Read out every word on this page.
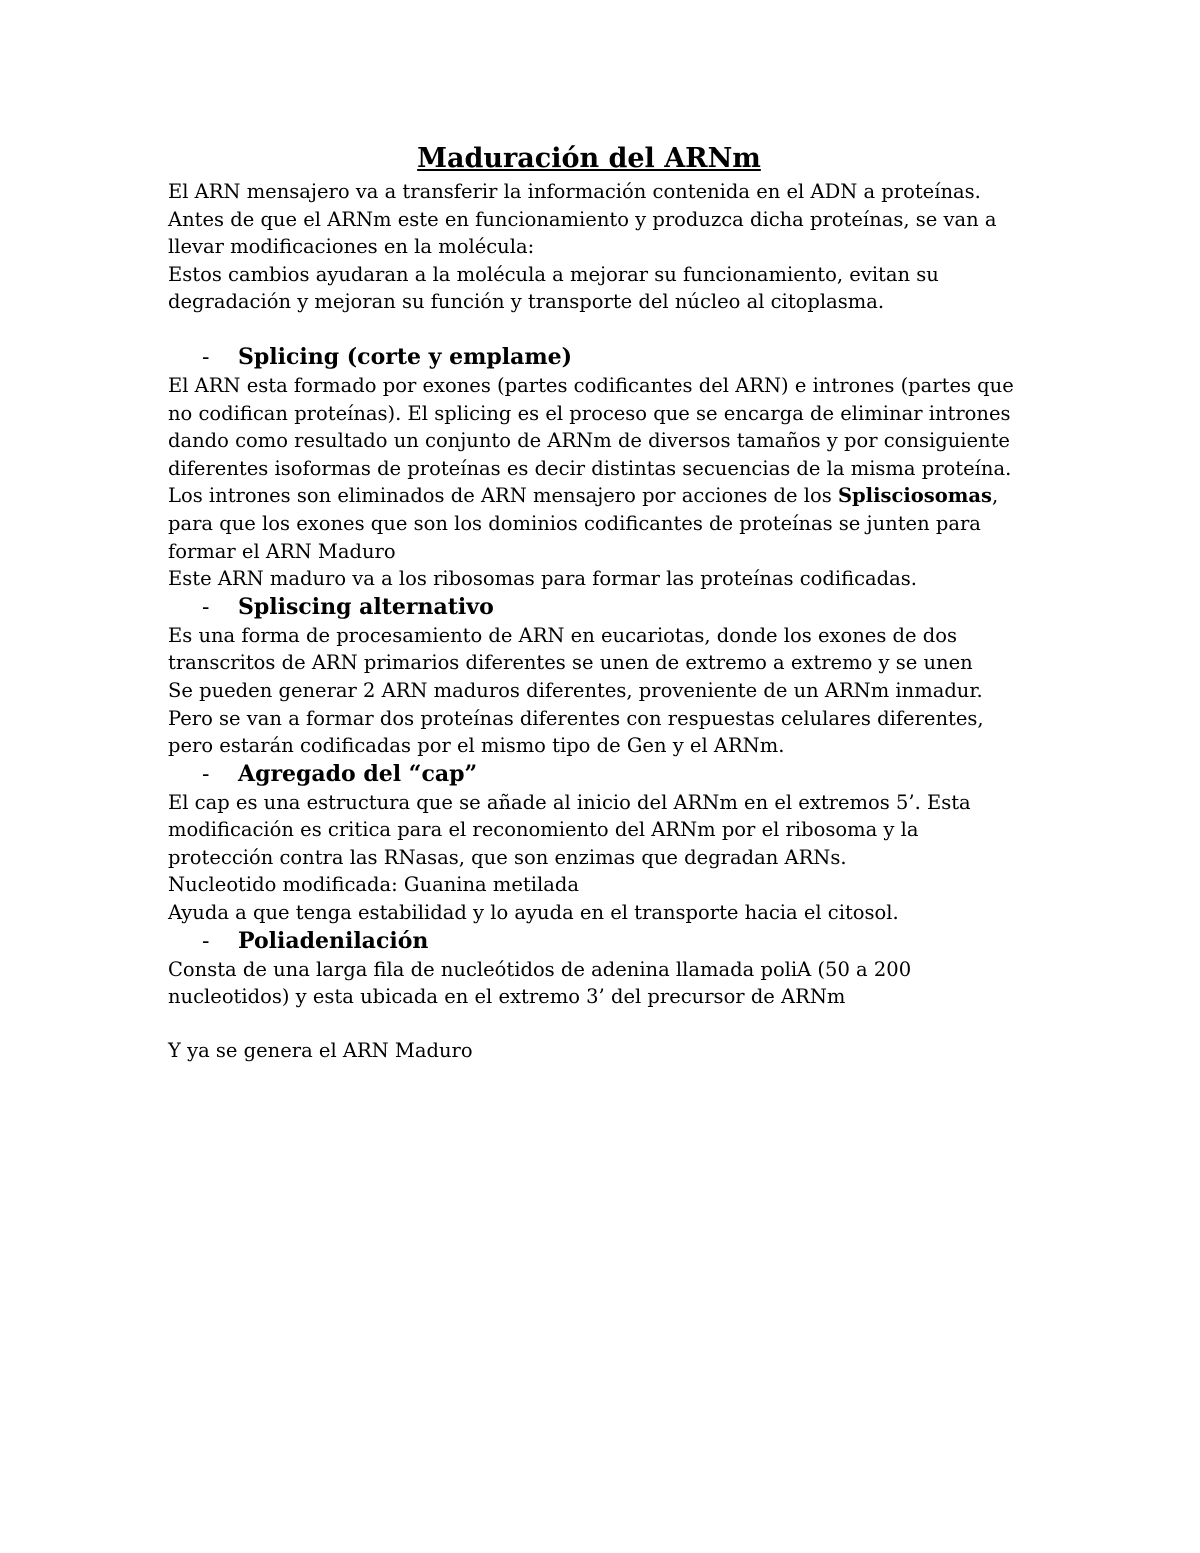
Maduración del ARNm

El ARN mensajero va a transferir la información contenida en el ADN a proteínas.

Antes de que el ARNm este en funcionamiento y produzca dicha proteínas, se van a

llevar modificaciones en la molécula:

Estos cambios ayudaran a la molécula a mejorar su funcionamiento, evitan su

degradación y mejoran su función y transporte del núcleo al citoplasma.

- Splicing (corte y emplame)

El ARN esta formado por exones (partes codificantes del ARN) e intrones (partes que

no codifican proteínas). El splicing es el proceso que se encarga de eliminar intrones

dando como resultado un conjunto de ARNm de diversos tamaños y por consiguiente

diferentes isoformas de proteínas es decir distintas secuencias de la misma proteína.

Los intrones son eliminados de ARN mensajero por acciones de los Splisciosomas,

para que los exones que son los dominios codificantes de proteínas se junten para

formar el ARN Maduro

Este ARN maduro va a los ribosomas para formar las proteínas codificadas.

- Spliscing alternativo

Es una forma de procesamiento de ARN en eucariotas, donde los exones de dos

transcritos de ARN primarios diferentes se unen de extremo a extremo y se unen

Se pueden generar 2 ARN maduros diferentes, proveniente de un ARNm inmadur.

Pero se van a formar dos proteínas diferentes con respuestas celulares diferentes,

pero estarán codificadas por el mismo tipo de Gen y el ARNm.

- Agregado del “cap”

El cap es una estructura que se añade al inicio del ARNm en el extremos 5’. Esta

modificación es critica para el reconomiento del ARNm por el ribosoma y la

protección contra las RNasas, que son enzimas que degradan ARNs.

Nucleotido modificada: Guanina metilada

Ayuda a que tenga estabilidad y lo ayuda en el transporte hacia el citosol.

- Poliadenilación

Consta de una larga fila de nucleótidos de adenina llamada poliA (50 a 200

nucleotidos) y esta ubicada en el extremo 3’ del precursor de ARNm

Y ya se genera el ARN Maduro
